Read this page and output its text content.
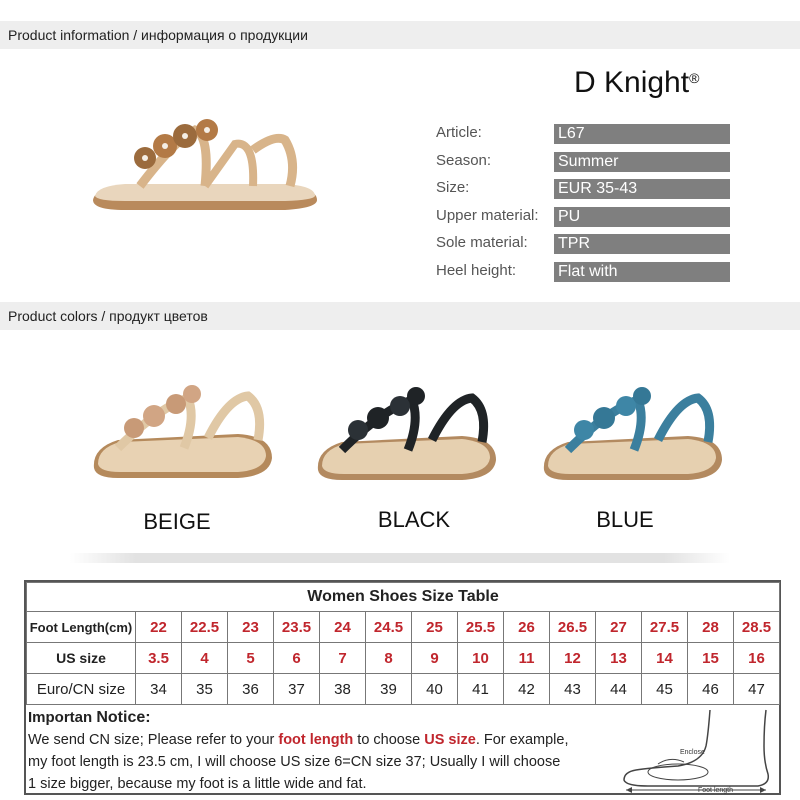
Product information / информация о продукции
D Knight®
Article:	L67
Season:	Summer
Size:	EUR 35-43
Upper material: PU
Sole material: TPR
Heel height:	Flat with
Product colors / продукт цветов
BEIGE	BLACK	BLUE
Women Shoes Size Table														
Foot Length(cm)	22	22.5	23	23.5	24	24.5	25	25.5	26	26.5	27	27.5	28	28.5
US size	3.5	4	5	6	7	8	9	10	11	12	13	14	15	16
Euro/CN size	34	35	36	37	38	39	40	41	42	43	44	45	46	47
Importan Notice:
We send CN size; Please refer to your foot length to choose US size. For example,
my foot length is 23.5 cm, I will choose US size 6=CN size 37; Usually I will choose
1 size bigger, because my foot is a little wide and fat.
Enclose
Foot length
